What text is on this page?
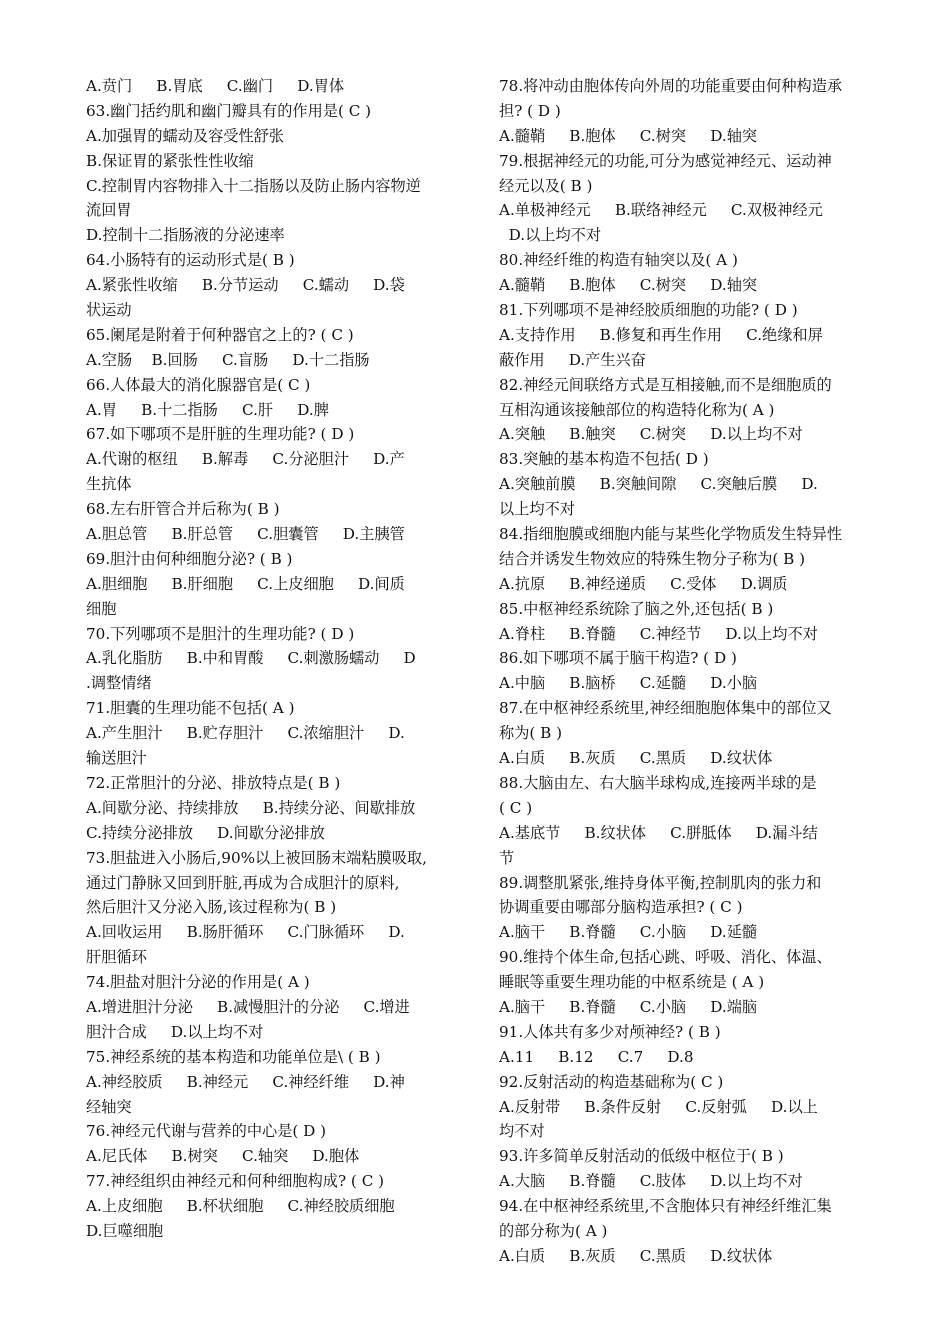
A.贲门     B.胃底     C.幽门     D.胃体
63.幽门括约肌和幽门瓣具有的作用是( C )
A.加强胃的蠕动及容受性舒张
B.保证胃的紧张性性收缩
C.控制胃内容物排入十二指肠以及防止肠内容物逆
流回胃
D.控制十二指肠液的分泌速率
64.小肠特有的运动形式是( B )
A.紧张性收缩     B.分节运动     C.蠕动     D.袋
状运动
65.阑尾是附着于何种器官之上的? ( C )
A.空肠    B.回肠     C.盲肠     D.十二指肠
66.人体最大的消化腺器官是( C )
A.胃     B.十二指肠     C.肝     D.脾
67.如下哪项不是肝脏的生理功能? ( D )
A.代谢的枢纽     B.解毒     C.分泌胆汁     D.产
生抗体
68.左右肝管合并后称为( B )
A.胆总管     B.肝总管     C.胆囊管     D.主胰管
69.胆汁由何种细胞分泌? ( B )
A.胆细胞     B.肝细胞     C.上皮细胞     D.间质
细胞
70.下列哪项不是胆汁的生理功能? ( D )
A.乳化脂肪     B.中和胃酸     C.刺激肠蠕动     D
.调整情绪
71.胆囊的生理功能不包括( A )
A.产生胆汁     B.贮存胆汁     C.浓缩胆汁     D.
输送胆汁
72.正常胆汁的分泌、排放特点是( B )
A.间歇分泌、持续排放     B.持续分泌、间歇排放
C.持续分泌排放     D.间歇分泌排放
73.胆盐进入小肠后,90%以上被回肠末端粘膜吸取,
通过门静脉又回到肝脏,再成为合成胆汁的原料,
然后胆汁又分泌入肠,该过程称为( B )
A.回收运用     B.肠肝循环     C.门脉循环     D.
肝胆循环
74.胆盐对胆汁分泌的作用是( A )
A.增进胆汁分泌     B.减慢胆汁的分泌     C.增进
胆汁合成     D.以上均不对
75.神经系统的基本构造和功能单位是\ ( B )
A.神经胶质     B.神经元     C.神经纤维     D.神
经轴突
76.神经元代谢与营养的中心是( D )
A.尼氏体     B.树突     C.轴突     D.胞体
77.神经组织由神经元和何种细胞构成? ( C )
A.上皮细胞     B.杯状细胞     C.神经胶质细胞
D.巨噬细胞
78.将冲动由胞体传向外周的功能重要由何种构造承
担? ( D )
A.髓鞘     B.胞体     C.树突     D.轴突
79.根据神经元的功能,可分为感觉神经元、运动神
经元以及( B )
A.单极神经元     B.联络神经元     C.双极神经元
D.以上均不对
80.神经纤维的构造有轴突以及( A )
A.髓鞘     B.胞体     C.树突     D.轴突
81.下列哪项不是神经胶质细胞的功能? ( D )
A.支持作用     B.修复和再生作用     C.绝缘和屏
蔽作用     D.产生兴奋
82.神经元间联络方式是互相接触,而不是细胞质的
互相沟通该接触部位的构造特化称为( A )
A.突触     B.触突     C.树突     D.以上均不对
83.突触的基本构造不包括( D )
A.突触前膜     B.突触间隙     C.突触后膜     D.
以上均不对
84.指细胞膜或细胞内能与某些化学物质发生特异性
结合并诱发生物效应的特殊生物分子称为( B )
A.抗原     B.神经递质     C.受体     D.调质
85.中枢神经系统除了脑之外,还包括( B )
A.脊柱     B.脊髓     C.神经节     D.以上均不对
86.如下哪项不属于脑干构造? ( D )
A.中脑     B.脑桥     C.延髓     D.小脑
87.在中枢神经系统里,神经细胞胞体集中的部位又
称为( B )
A.白质     B.灰质     C.黑质     D.纹状体
88.大脑由左、右大脑半球构成,连接两半球的是
( C )
A.基底节     B.纹状体     C.胼胝体     D.漏斗结
节
89.调整肌紧张,维持身体平衡,控制肌肉的张力和
协调重要由哪部分脑构造承担? ( C )
A.脑干     B.脊髓     C.小脑     D.延髓
90.维持个体生命,包括心跳、呼吸、消化、体温、
睡眠等重要生理功能的中枢系统是 ( A )
A.脑干     B.脊髓     C.小脑     D.端脑
91.人体共有多少对颅神经? ( B )
A.11     B.12     C.7     D.8
92.反射活动的构造基础称为( C )
A.反射带     B.条件反射     C.反射弧     D.以上
均不对
93.许多简单反射活动的低级中枢位于( B )
A.大脑     B.脊髓     C.肢体     D.以上均不对
94.在中枢神经系统里,不含胞体只有神经纤维汇集
的部分称为( A )
A.白质     B.灰质     C.黑质     D.纹状体
